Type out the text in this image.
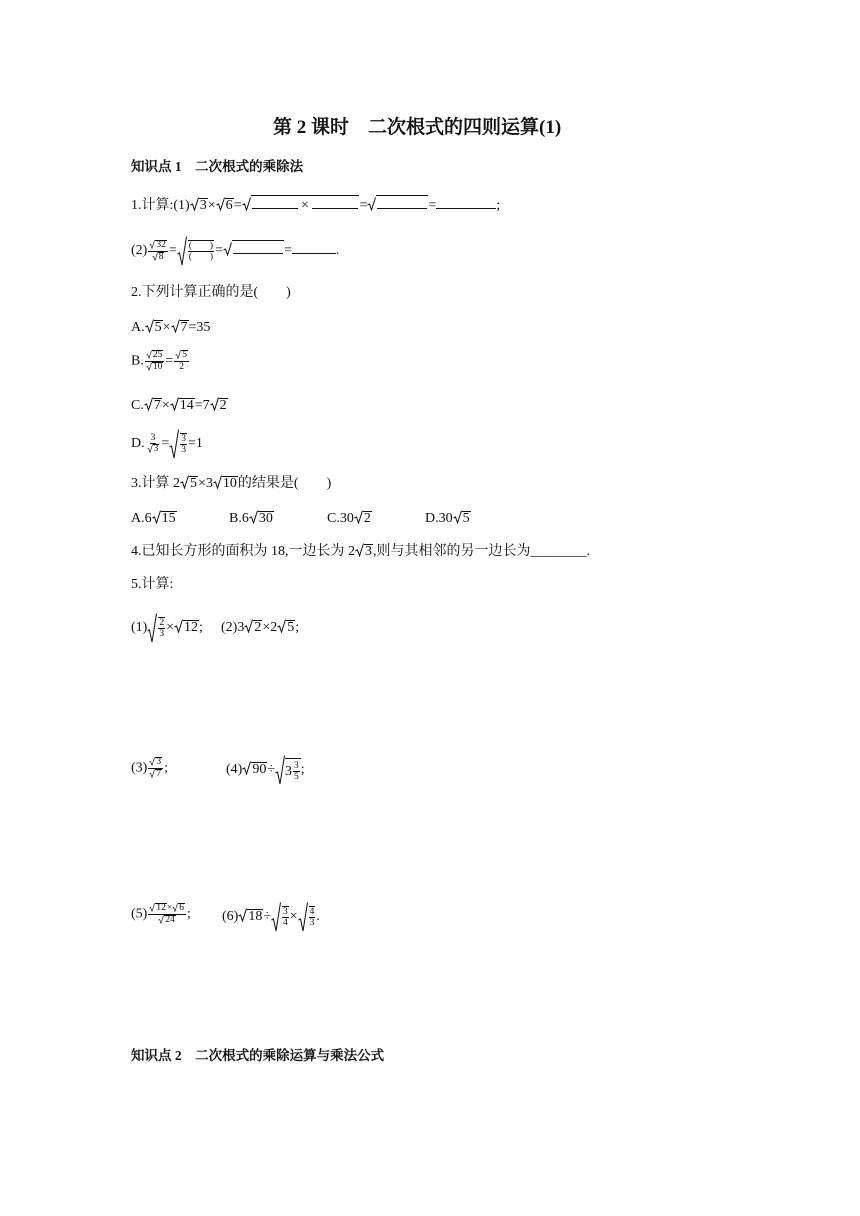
第 2 课时　二次根式的四则运算(1)
知识点 1　二次根式的乘除法
1.计算:(1) 3× 6=	×	=	=	;
$(2) \frac{32}{8} = \frac{( )}{( )}$ =	=	.
2.下列计算正确的是(　　)
A. 5× 7=35
B. $\frac{25}{10} = \frac{5}{2}$
C. 7× 14=7 2
D. $\frac{3}{3} = \frac{3}{3} =1$
3.计算 2 5×3 10的结果是(　　)
A.6 15	B.6 30	C.30 2	D.30 5
4.已知长方形的面积为 18,一边长为 2 3,则与其相邻的另一边长为________.
5.计算:
$(1) \frac{2}{3} \times 12$; (2)3 2×2 5;
$(3) \frac{3}{7}$ ;	(4) $90\div 3 \frac{3}{5}$ ;
$(5) \frac{12\times 6}{24}$ ; (6) $18\div \frac{3}{4} \times \frac{4}{3}$ .
知识点 2　二次根式的乘除运算与乘法公式
